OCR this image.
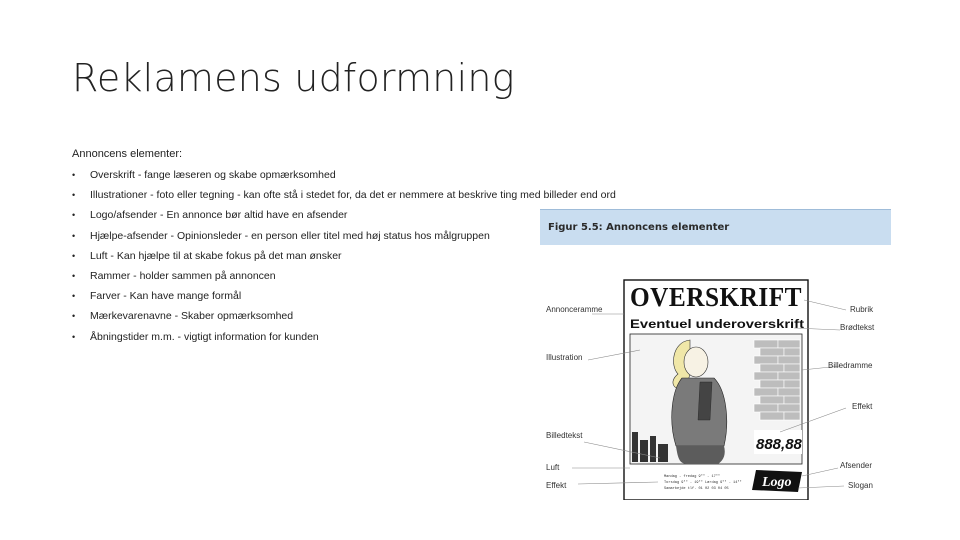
Reklamens udformning
Annoncens elementer:
• Overskrift - fange læseren og skabe opmærksomhed
• Illustrationer - foto eller tegning - kan ofte stå i stedet for, da det er nemmere at beskrive ting med billeder end ord
• Logo/afsender - En annonce bør altid have en afsender
• Hjælpe-afsender - Opinionsleder - en person eller titel med høj status hos målgruppen
• Luft - Kan hjælpe til at skabe fokus på det man ønsker
• Rammer - holder sammen på annoncen
• Farver - Kan have mange formål
• Mærkevarenavne - Skaber opmærksomhed
• Åbningstider m.m. - vigtigt information for kunden
Figur 5.5: Annoncens elementer
OVERSKRIFT
Eventuel underoverskrift
888,88
Mandag - fredag 9⁰⁰ - 17⁰⁰
Torsdag 9⁰⁰ - 19⁰⁰ Lørdag 9⁰⁰ - 14⁰⁰
Samarbejde tlf. 01 02 03 04 05 Logo
Annonceramme
Illustration
Billedtekst
Luft
Effekt
Rubrik
Brødtekst
Billedramme
Effekt
Afsender
Slogan
